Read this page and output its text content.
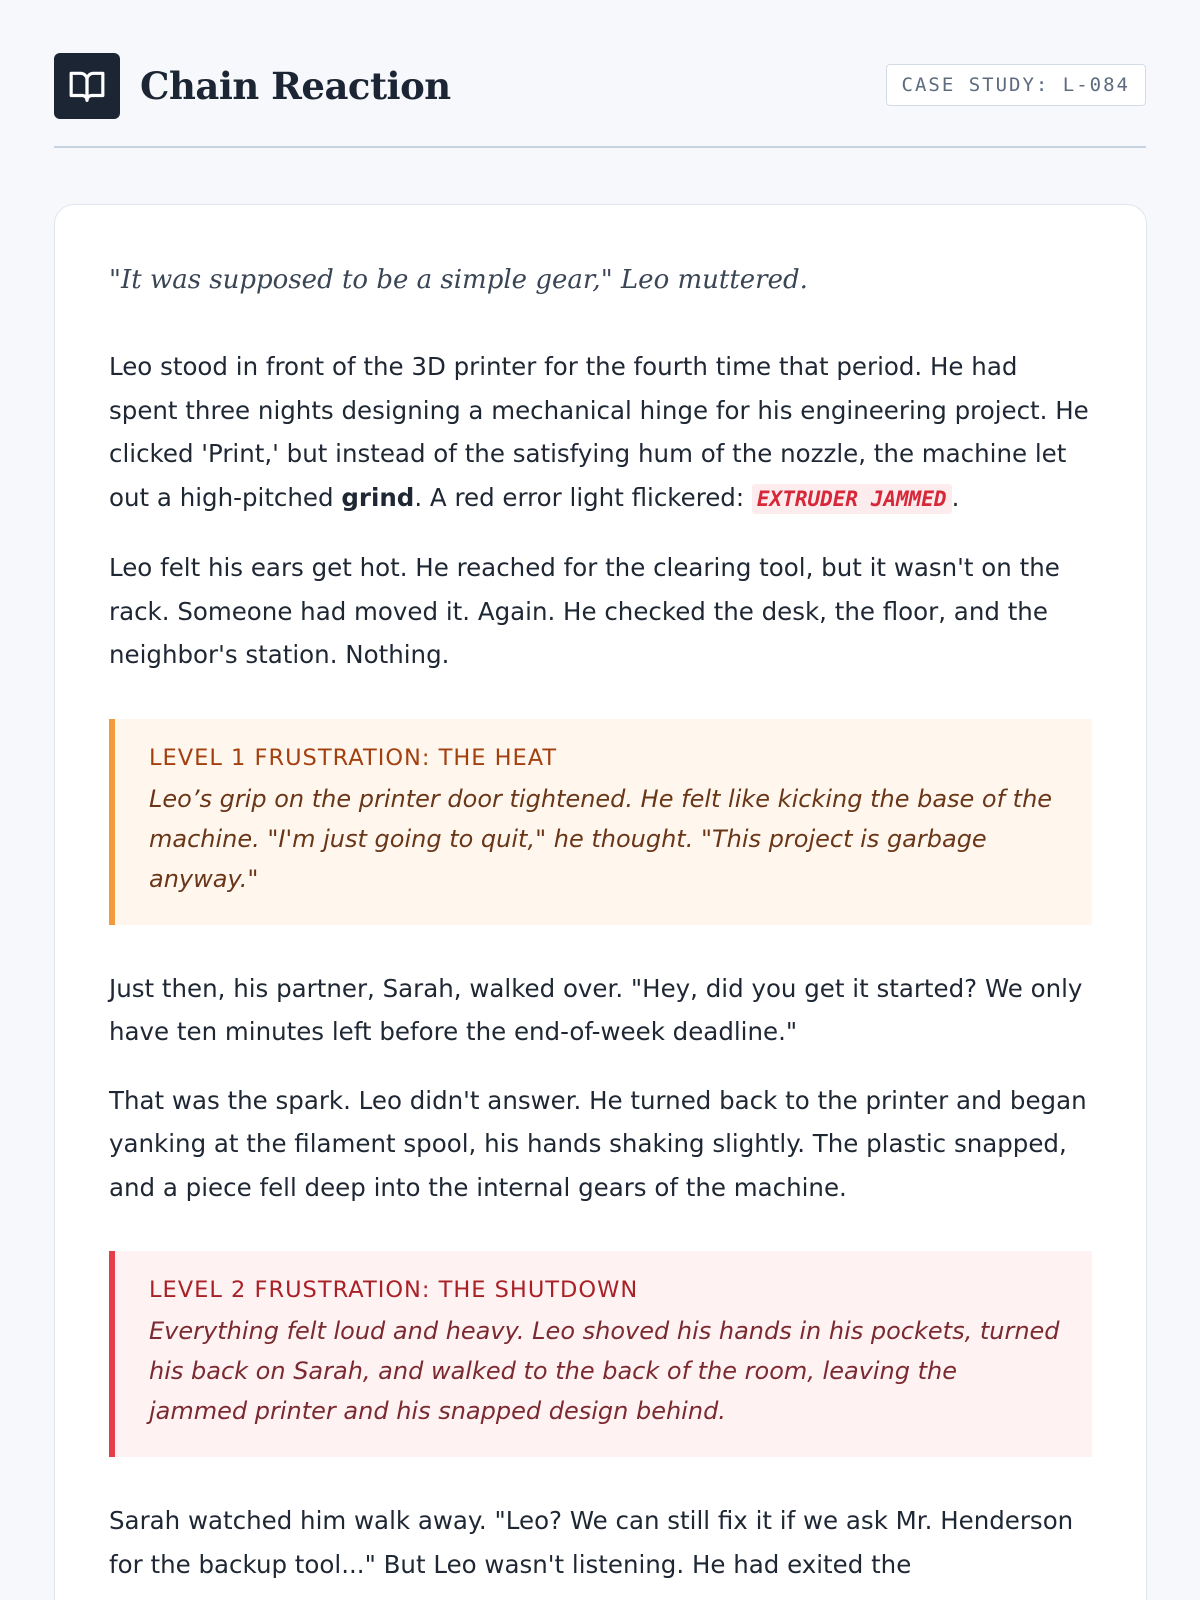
Chain Reaction	CASE STUDY: L-084

"It was supposed to be a simple gear," Leo muttered.

Leo stood in front of the 3D printer for the fourth time that period. He had spent three nights designing a mechanical hinge for his engineering project. He clicked 'Print,' but instead of the satisfying hum of the nozzle, the machine let out a high-pitched grind. A red error light flickered: EXTRUDER JAMMED .

Leo felt his ears get hot. He reached for the clearing tool, but it wasn't on the rack. Someone had moved it. Again. He checked the desk, the floor, and the neighbor's station. Nothing.

LEVEL 1 FRUSTRATION: THE HEAT
Leo’s grip on the printer door tightened. He felt like kicking the base of the machine. "I'm just going to quit," he thought. "This project is garbage anyway."

Just then, his partner, Sarah, walked over. "Hey, did you get it started? We only have ten minutes left before the end-of-week deadline."

That was the spark. Leo didn't answer. He turned back to the printer and began yanking at the filament spool, his hands shaking slightly. The plastic snapped, and a piece fell deep into the internal gears of the machine.

LEVEL 2 FRUSTRATION: THE SHUTDOWN
Everything felt loud and heavy. Leo shoved his hands in his pockets, turned his back on Sarah, and walked to the back of the room, leaving the jammed printer and his snapped design behind.

Sarah watched him walk away. "Leo? We can still fix it if we ask Mr. Henderson for the backup tool..." But Leo wasn't listening. He had exited the
